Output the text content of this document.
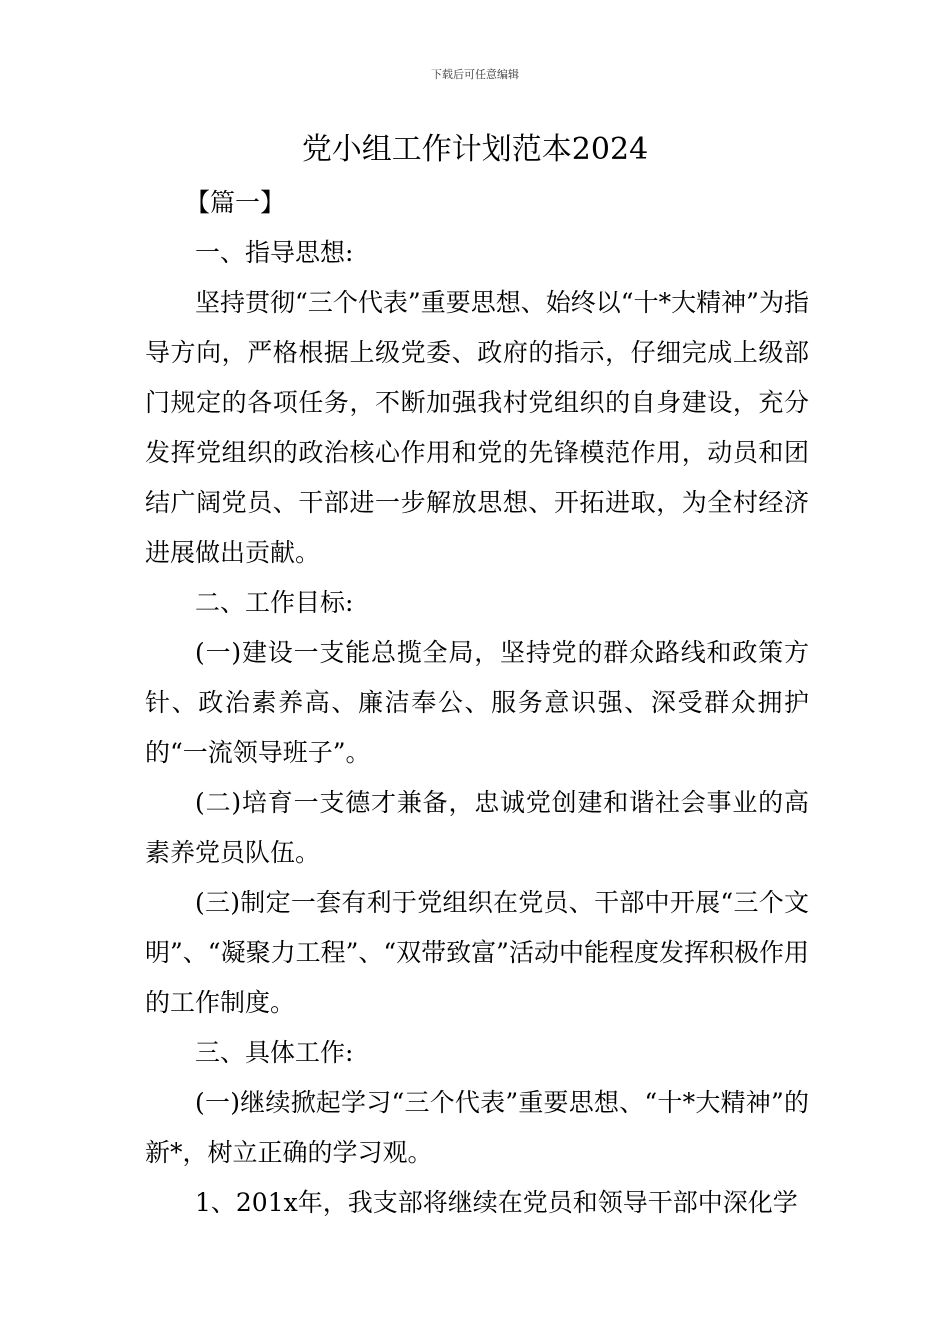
下载后可任意编辑
党小组工作计划范本2024

【篇一】

一、指导思想:

坚持贯彻“三个代表”重要思想、始终以“十*大精神”为指导方向，严格根据上级党委、政府的指示，仔细完成上级部门规定的各项任务，不断加强我村党组织的自身建设，充分发挥党组织的政治核心作用和党的先锋模范作用，动员和团结广阔党员、干部进一步解放思想、开拓进取，为全村经济进展做出贡献。

二、工作目标:

(一)建设一支能总揽全局，坚持党的群众路线和政策方针、政治素养高、廉洁奉公、服务意识强、深受群众拥护的“一流领导班子”。

(二)培育一支德才兼备，忠诚党创建和谐社会事业的高素养党员队伍。

(三)制定一套有利于党组织在党员、干部中开展“三个文明”、“凝聚力工程”、“双带致富”活动中能程度发挥积极作用的工作制度。

三、具体工作:

(一)继续掀起学习“三个代表”重要思想、“十*大精神”的新*，树立正确的学习观。

1、201x年，我支部将继续在党员和领导干部中深化学
